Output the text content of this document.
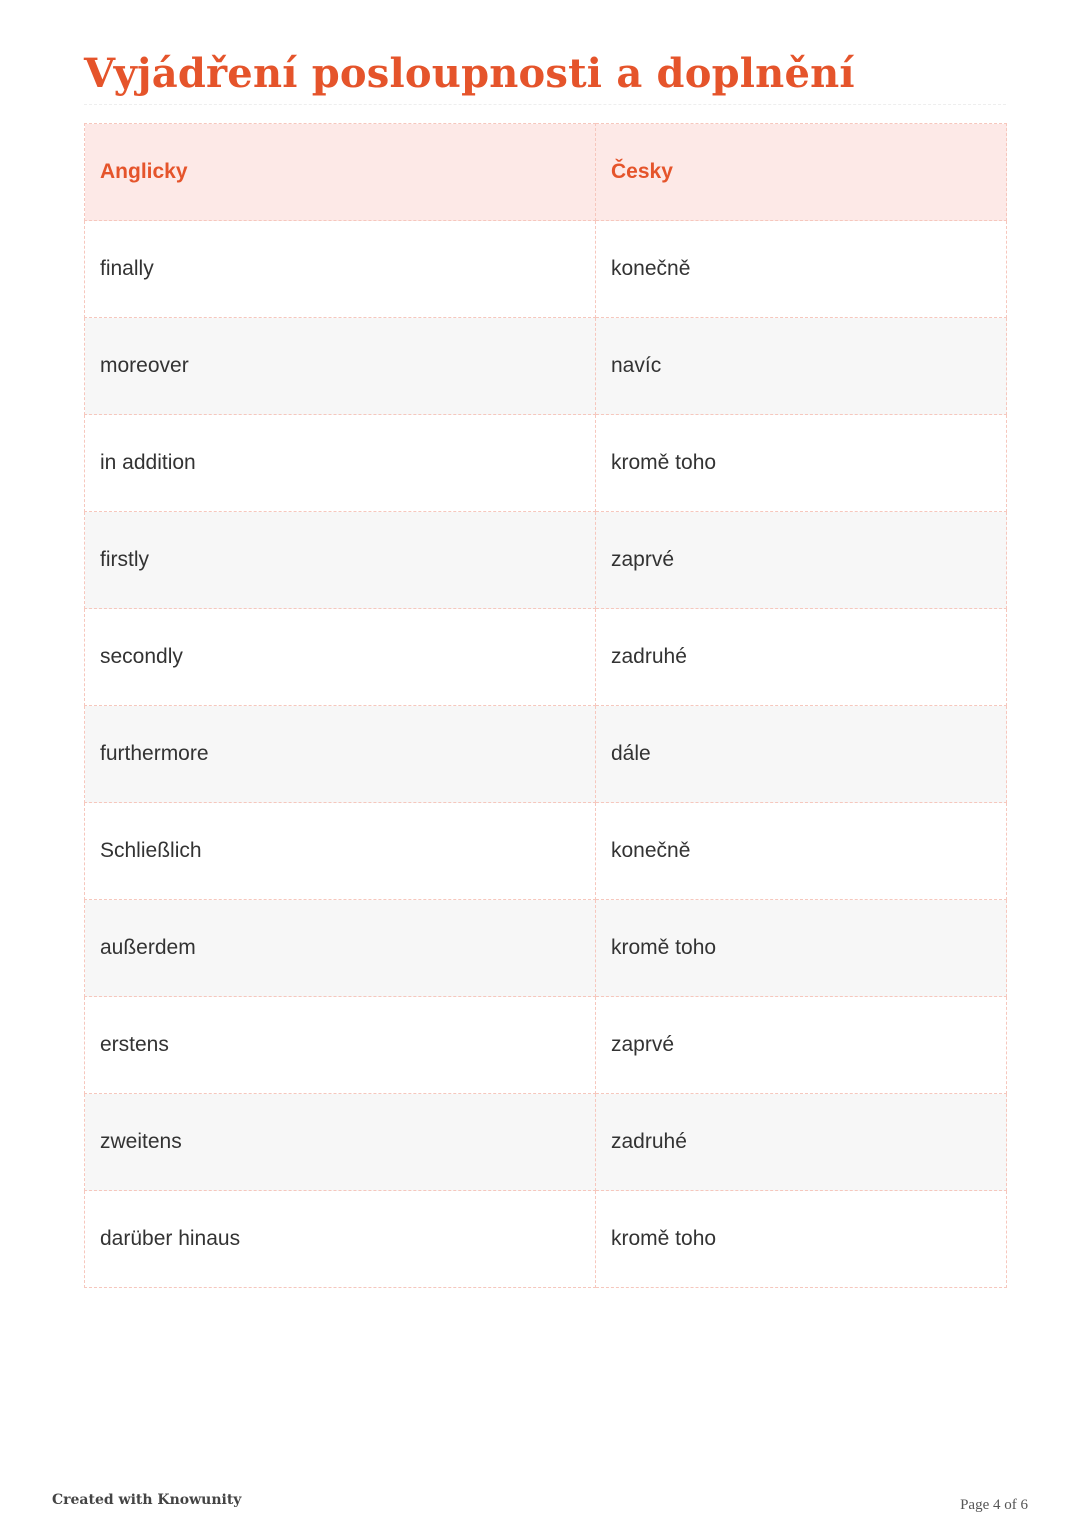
Vyjádření posloupnosti a doplnění
Anglicky	Česky
finally	konečně
moreover	navíc
in addition	kromě toho
firstly	zaprvé
secondly	zadruhé
furthermore	dále
Schließlich	konečně
außerdem	kromě toho
erstens	zaprvé
zweitens	zadruhé
darüber hinaus	kromě toho
Created with Knowunity	Page 4 of 6
